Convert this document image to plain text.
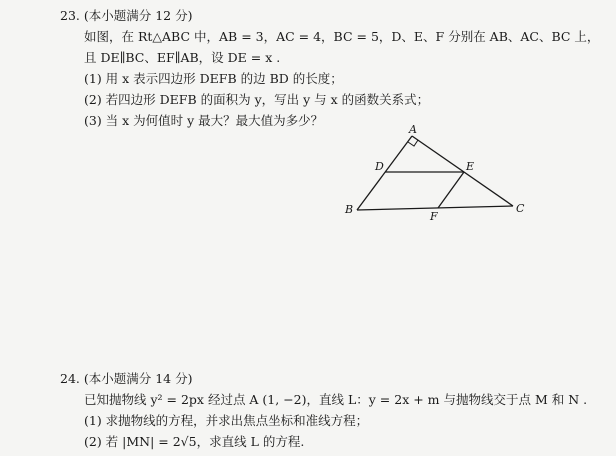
23. (本小题满分 12 分)
如图，在 Rt△ABC 中，AB = 3，AC = 4，BC = 5，D、E、F 分别在 AB、AC、BC 上，
且 DE∥BC、EF∥AB，设 DE = x .
(1) 用 x 表示四边形 DEFB 的边 BD 的长度；
(2) 若四边形 DEFB 的面积为 y，写出 y 与 x 的函数关系式；
(3) 当 x 为何值时 y 最大？最大值为多少？
A
D	E
B
F
C
24. (本小题满分 14 分)
已知抛物线 y² = 2px 经过点 A (1, −2)，直线 L：y = 2x + m 与抛物线交于点 M 和 N .
(1) 求抛物线的方程，并求出焦点坐标和准线方程；
(2) 若 |MN| = 2√5，求直线 L 的方程.
